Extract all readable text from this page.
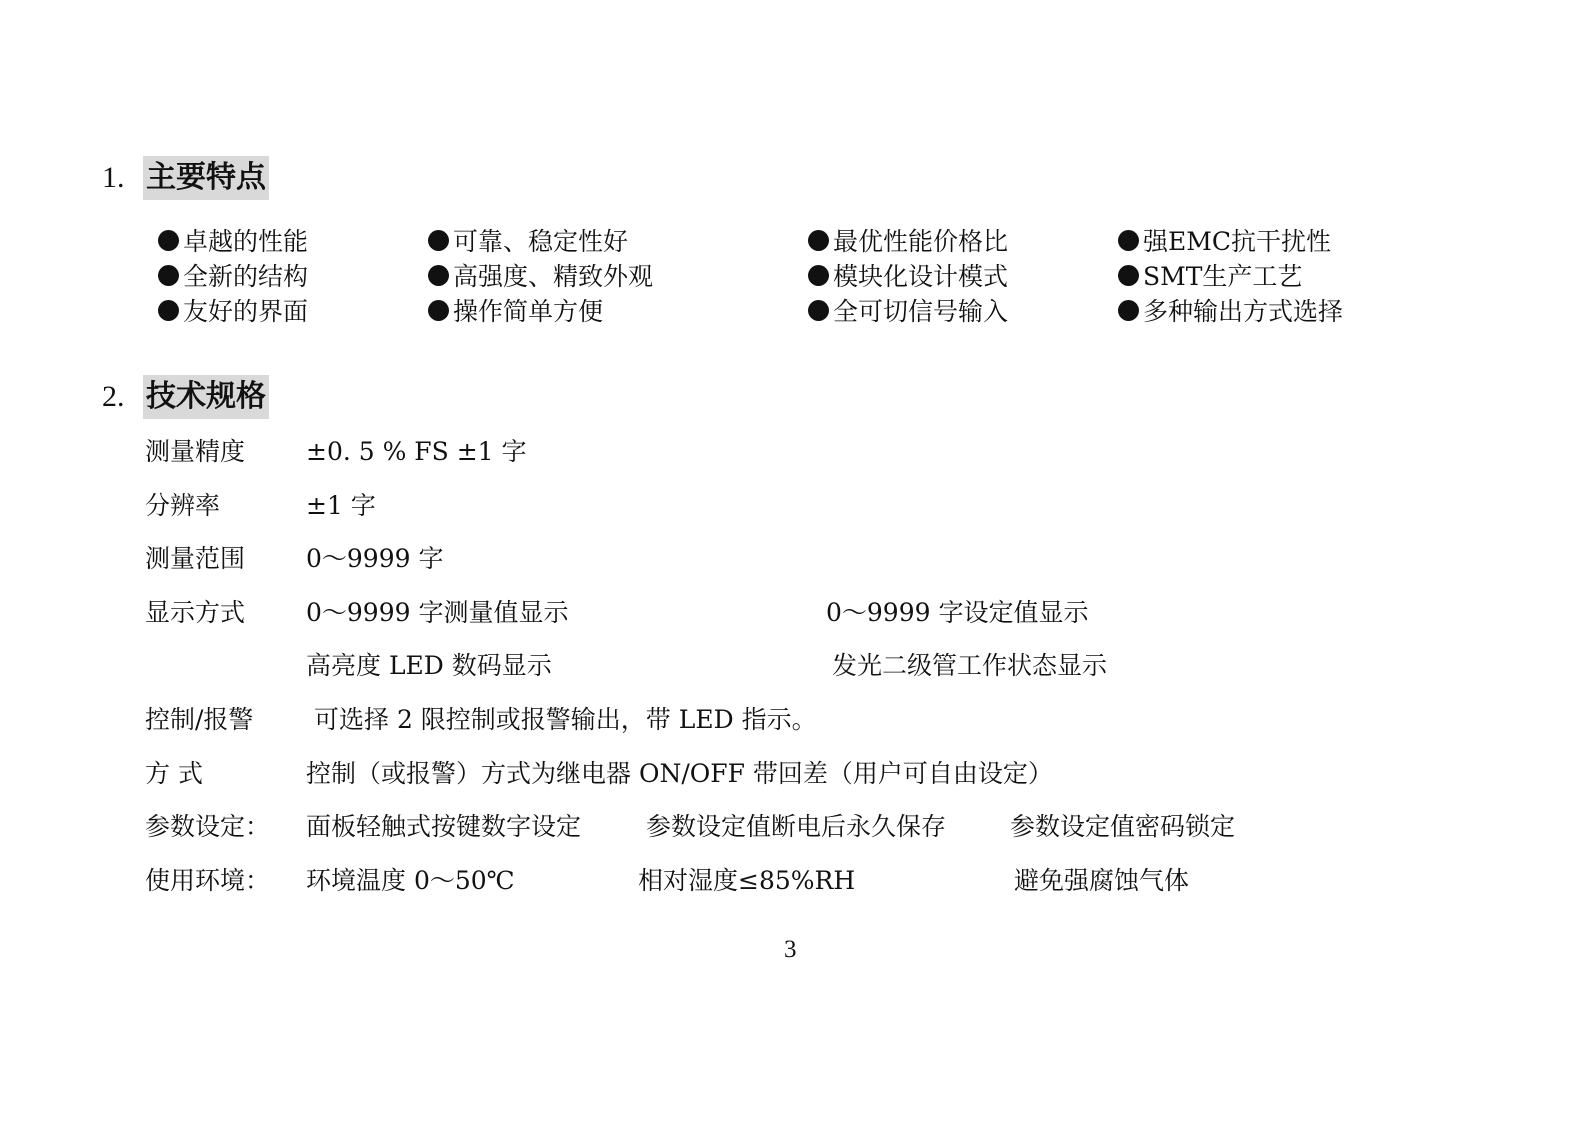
1. 主要特点
卓越的性能	可靠、稳定性好	最优性能价格比	强EMC抗干扰性
全新的结构	高强度、精致外观	模块化设计模式	SMT生产工艺
友好的界面	操作简单方便	全可切信号输入	多种输出方式选择
2. 技术规格
测量精度 ±0. 5 % FS ±1 字
分辨率	±1 字
测量范围 0～9999 字
显示方式 0～9999 字测量值显示	0～9999 字设定值显示
高亮度 LED 数码显示	发光二级管工作状态显示
控制/报警 可选择 2 限控制或报警输出，带 LED 指示。
方 式	控制（或报警）方式为继电器 ON/OFF 带回差（用户可自由设定）
参数设定： 面板轻触式按键数字设定	参数设定值断电后永久保存	参数设定值密码锁定
使用环境： 环境温度 0～50℃	相对湿度≤85%RH	避免强腐蚀气体
3
